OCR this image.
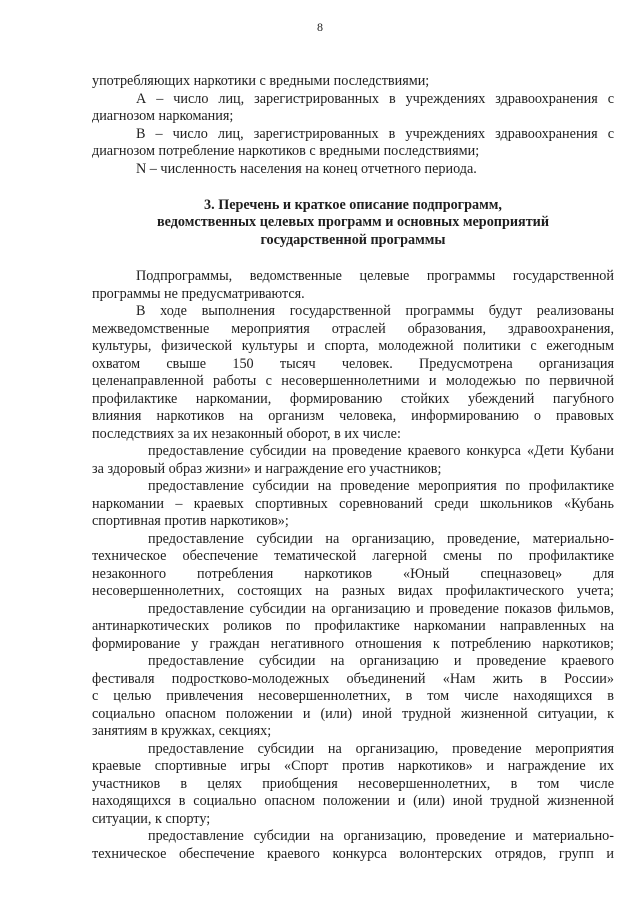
8
употребляющих наркотики с вредными последствиями;
А – число лиц, зарегистрированных в учреждениях здравоохранения с
диагнозом наркомания;
В – число лиц, зарегистрированных в учреждениях здравоохранения с
диагнозом потребление наркотиков с вредными последствиями;
N – численность населения на конец отчетного периода.
3. Перечень и краткое описание подпрограмм,
ведомственных целевых программ и основных мероприятий
государственной программы
Подпрограммы, ведомственные целевые программы государственной
программы не предусматриваются.
В ходе выполнения государственной программы будут реализованы
межведомственные мероприятия отраслей образования, здравоохранения,
культуры, физической культуры и спорта, молодежной политики с ежегодным
охватом свыше 150 тысяч человек. Предусмотрена организация
целенаправленной работы с несовершеннолетними и молодежью по первичной
профилактике наркомании, формированию стойких убеждений пагубного
влияния наркотиков на организм человека, информированию о правовых
последствиях за их незаконный оборот, в их числе:
предоставление субсидии на проведение краевого конкурса «Дети Кубани
за здоровый образ жизни» и награждение его участников;
предоставление субсидии на проведение мероприятия по профилактике
наркомании – краевых спортивных соревнований среди школьников «Кубань
спортивная против наркотиков»;
предоставление субсидии на организацию, проведение, материально-
техническое обеспечение тематической лагерной смены по профилактике
незаконного потребления наркотиков «Юный спецназовец» для
несовершеннолетних, состоящих на разных видах профилактического учета;
предоставление субсидии на организацию и проведение показов фильмов,
антинаркотических роликов по профилактике наркомании направленных на
формирование у граждан негативного отношения к потреблению наркотиков;
предоставление субсидии на организацию и проведение краевого
фестиваля подростково-молодежных объединений «Нам жить в России»
с целью привлечения несовершеннолетних, в том числе находящихся в
социально опасном положении и (или) иной трудной жизненной ситуации, к
занятиям в кружках, секциях;
предоставление субсидии на организацию, проведение мероприятия
краевые спортивные игры «Спорт против наркотиков» и награждение их
участников в целях приобщения несовершеннолетних, в том числе
находящихся в социально опасном положении и (или) иной трудной жизненной
ситуации, к спорту;
предоставление субсидии на организацию, проведение и материально-
техническое обеспечение краевого конкурса волонтерских отрядов, групп и
